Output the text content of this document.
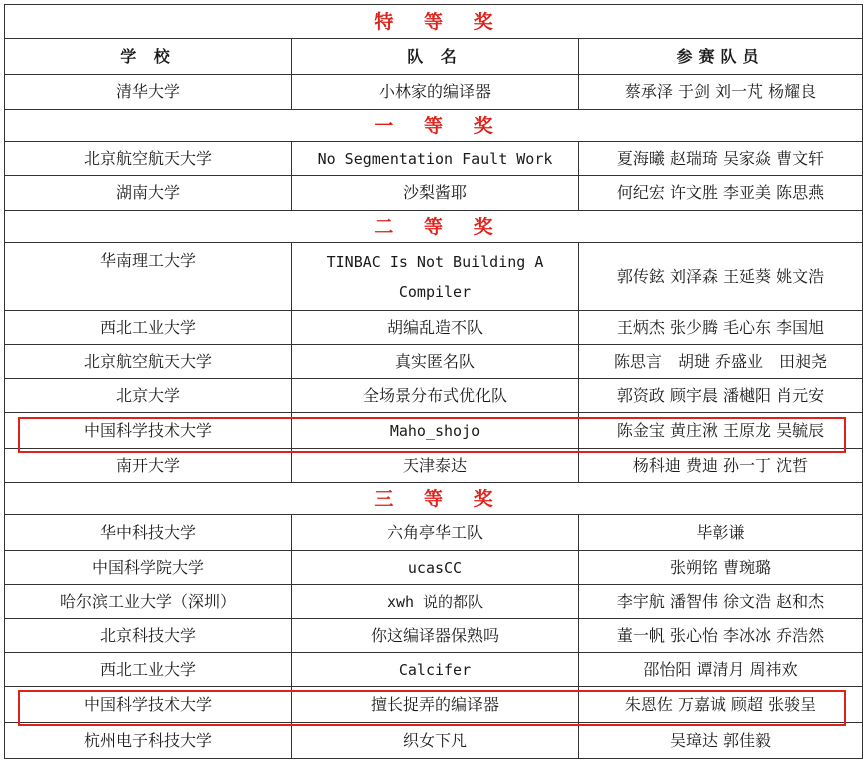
特 等 奖		
学 校	队 名	参赛队员
清华大学	小林家的编译器	蔡承泽 于剑 刘一芃 杨耀良
一 等 奖		
北京航空航天大学	No Segmentation Fault Work	夏海曦 赵瑞琦 吴家焱 曹文轩
湖南大学	沙梨酱耶	何纪宏 许文胜 李亚美 陈思燕
二 等 奖		
华南理工大学	TINBAC Is Not Building A Compiler	郭传鉉 刘泽森 王延葵 姚文浩
西北工业大学	胡编乱造不队	王炳杰 张少腾 毛心东 李国旭
北京航空航天大学	真实匿名队	陈思言　胡琎 乔盛业　田昶尧
北京大学	全场景分布式优化队	郭资政 顾宇晨 潘樾阳 肖元安
中国科学技术大学	Maho_shojo	陈金宝 黄庄湫 王原龙 吴毓辰
南开大学	天津泰达	杨科迪 费迪 孙一丁 沈哲
三 等 奖		
华中科技大学	六角亭华工队	毕彰谦
中国科学院大学	ucasCC	张朔铭 曹琬璐
哈尔滨工业大学（深圳）	xwh 说的都队	李宇航 潘智伟 徐文浩 赵和杰
北京科技大学	你这编译器保熟吗	董一帆 张心怡 李冰冰 乔浩然
西北工业大学	Calcifer	邵怡阳 谭清月 周祎欢
中国科学技术大学	擅长捉弄的编译器	朱恩佐 万嘉诚 顾超 张骏呈
杭州电子科技大学	织女下凡	吴璋达 郭佳毅
